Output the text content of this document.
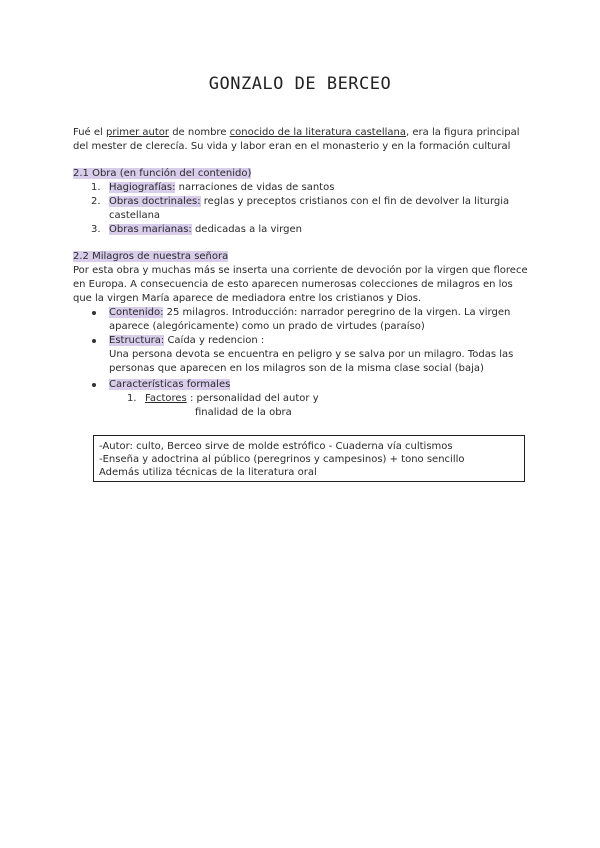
GONZALO DE BERCEO
Fué el primer autor de nombre conocido de la literatura castellana, era la figura principal
del mester de clerecía. Su vida y labor eran en el monasterio y en la formación cultural
2.1 Obra (en función del contenido)
1. Hagiografías: narraciones de vidas de santos
2. Obras doctrinales: reglas y preceptos cristianos con el fin de devolver la liturgia
castellana
3. Obras marianas: dedicadas a la virgen
2.2 Milagros de nuestra señora
Por esta obra y muchas más se inserta una corriente de devoción por la virgen que florece
en Europa. A consecuencia de esto aparecen numerosas colecciones de milagros en los
que la virgen María aparece de mediadora entre los cristianos y Dios.
Contenido: 25 milagros. Introducción: narrador peregrino de la virgen. La virgen
aparece (alegóricamente) como un prado de virtudes (paraíso)
Estructura: Caída y redencion :
Una persona devota se encuentra en peligro y se salva por un milagro. Todas las
personas que aparecen en los milagros son de la misma clase social (baja)
Características formales
1. Factores : personalidad del autor y
finalidad de la obra
-Autor: culto, Berceo sirve de molde estrófico - Cuaderna vía cultismos
-Enseña y adoctrina al público (peregrinos y campesinos) + tono sencillo
Además utiliza técnicas de la literatura oral
